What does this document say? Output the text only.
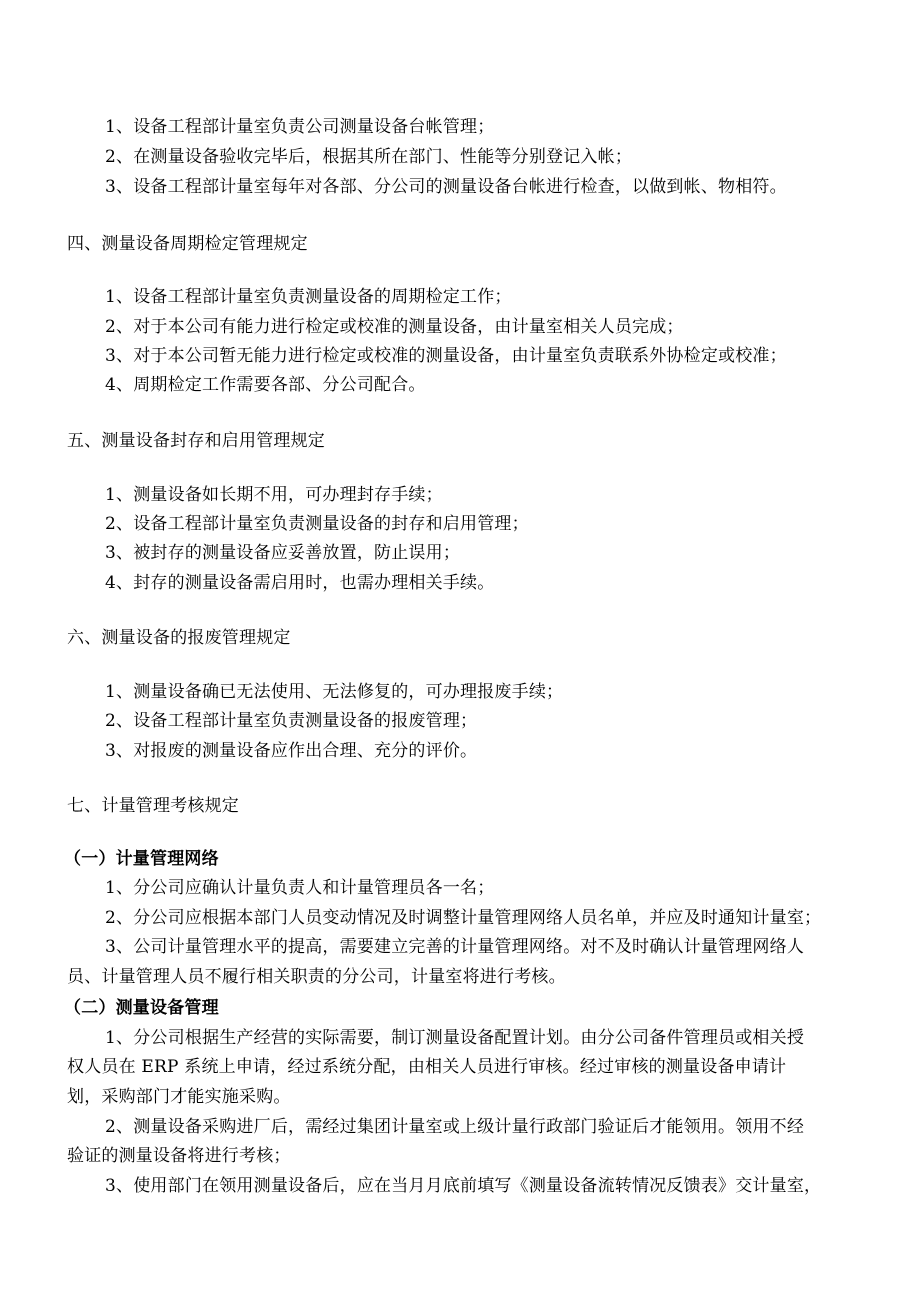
1、设备工程部计量室负责公司测量设备台帐管理；
2、在测量设备验收完毕后，根据其所在部门、性能等分别登记入帐；
3、设备工程部计量室每年对各部、分公司的测量设备台帐进行检查，以做到帐、物相符。
四、测量设备周期检定管理规定
1、设备工程部计量室负责测量设备的周期检定工作；
2、对于本公司有能力进行检定或校准的测量设备，由计量室相关人员完成；
3、对于本公司暂无能力进行检定或校准的测量设备，由计量室负责联系外协检定或校准；
4、周期检定工作需要各部、分公司配合。
五、测量设备封存和启用管理规定
1、测量设备如长期不用，可办理封存手续；
2、设备工程部计量室负责测量设备的封存和启用管理；
3、被封存的测量设备应妥善放置，防止误用；
4、封存的测量设备需启用时，也需办理相关手续。
六、测量设备的报废管理规定
1、测量设备确已无法使用、无法修复的，可办理报废手续；
2、设备工程部计量室负责测量设备的报废管理；
3、对报废的测量设备应作出合理、充分的评价。
七、计量管理考核规定
（一）计量管理网络
1、分公司应确认计量负责人和计量管理员各一名；
2、分公司应根据本部门人员变动情况及时调整计量管理网络人员名单，并应及时通知计量室；
3、公司计量管理水平的提高，需要建立完善的计量管理网络。对不及时确认计量管理网络人
员、计量管理人员不履行相关职责的分公司，计量室将进行考核。
（二）测量设备管理
1、分公司根据生产经营的实际需要，制订测量设备配置计划。由分公司备件管理员或相关授
权人员在 ERP 系统上申请，经过系统分配，由相关人员进行审核。经过审核的测量设备申请计
划，采购部门才能实施采购。
2、测量设备采购进厂后，需经过集团计量室或上级计量行政部门验证后才能领用。领用不经
验证的测量设备将进行考核；
3、使用部门在领用测量设备后，应在当月月底前填写《测量设备流转情况反馈表》交计量室，
